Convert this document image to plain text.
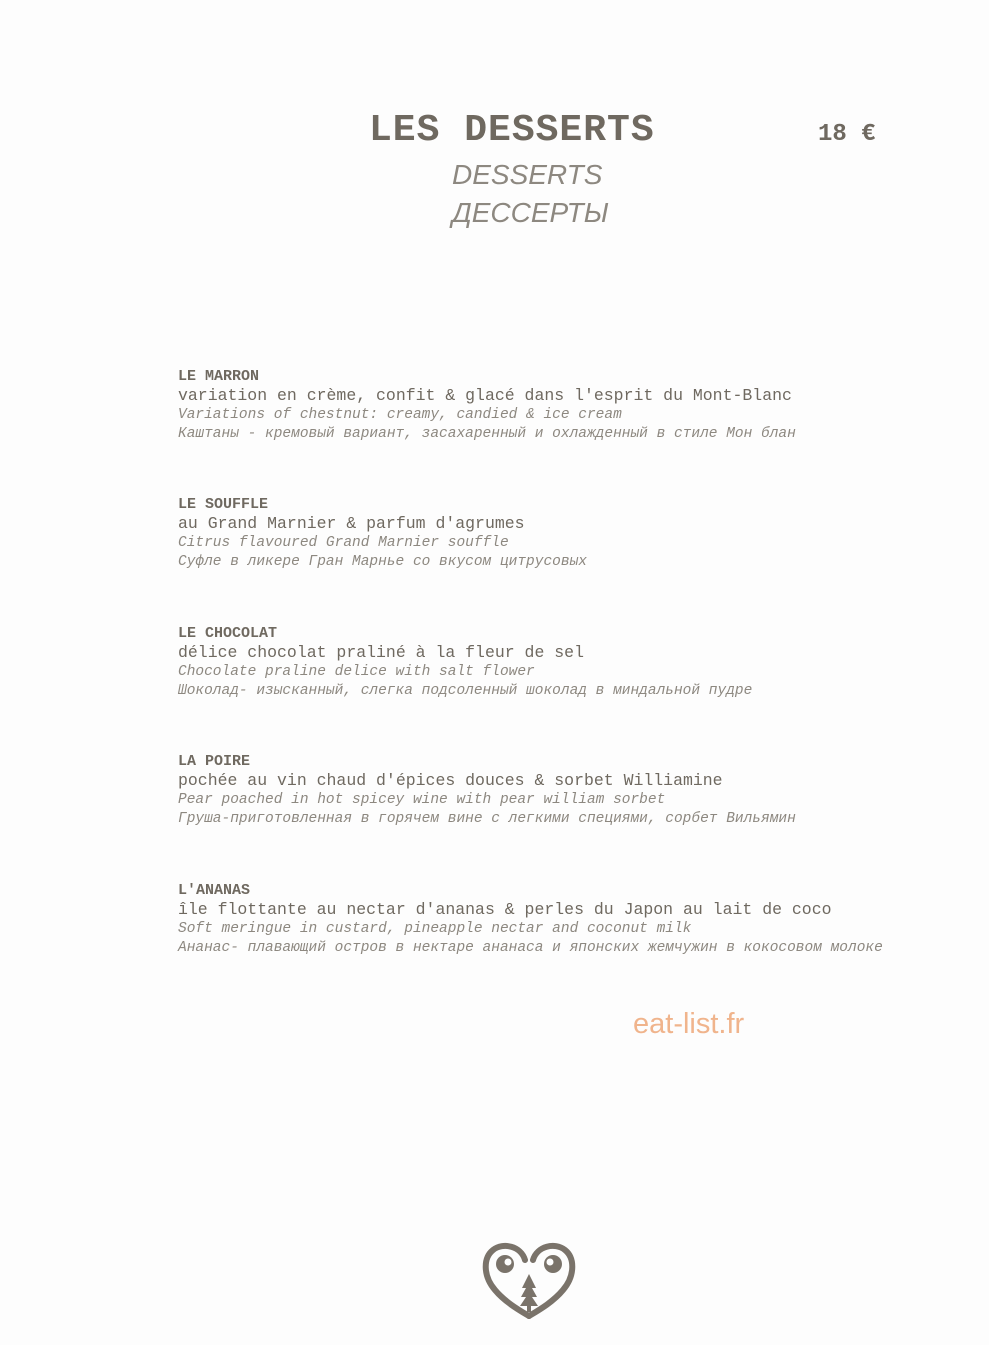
LES DESSERTS	18 €
DESSERTS
ДЕССЕРТЫ
LE MARRON
variation en crème, confit & glacé dans l'esprit du Mont-Blanc
Variations of chestnut: creamy, candied & ice cream
Каштаны - кремовый вариант, засахаренный и охлажденный в стиле Мон блан
LE SOUFFLE
au Grand Marnier & parfum d'agrumes
Citrus flavoured Grand Marnier souffle
Суфле в ликере Гран Марнье со вкусом цитрусовых
LE CHOCOLAT
délice chocolat praliné à la fleur de sel
Chocolate praline delice with salt flower
Шоколад- изысканный, слегка подсоленный шоколад в миндальной пудре
LA POIRE
pochée au vin chaud d'épices douces & sorbet Williamine
Pear poached in hot spicey wine with pear william sorbet
Груша-приготовленная в горячем вине с легкими специями, сорбет Вильямин
L'ANANAS
île flottante au nectar d'ananas & perles du Japon au lait de coco
Soft meringue in custard, pineapple nectar and coconut milk
Ананас- плавающий остров в нектаре ананаса и японских жемчужин в кокосовом молоке
eat-list.fr
